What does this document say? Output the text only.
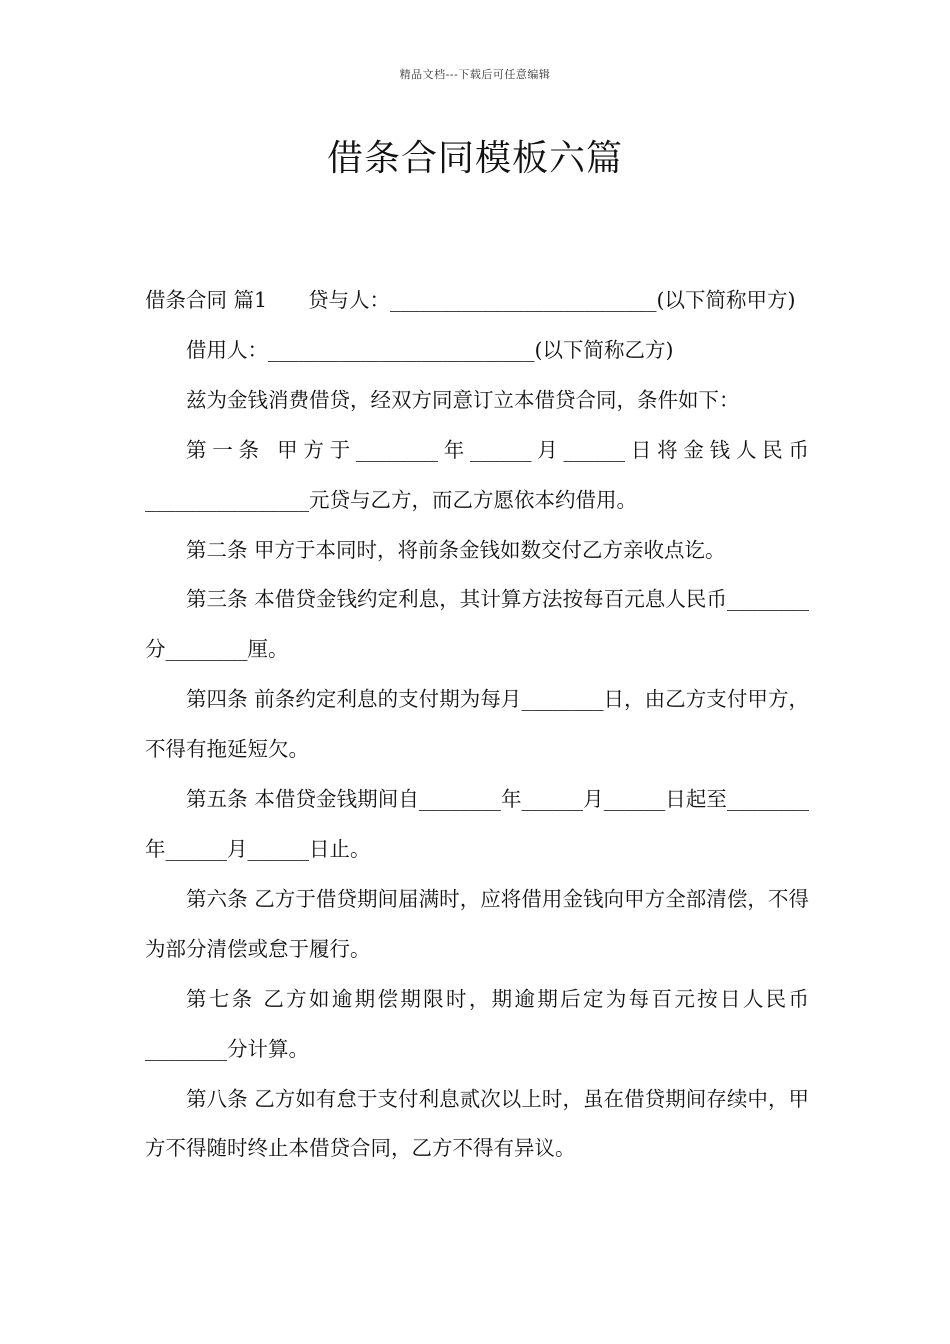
精品文档---下载后可任意编辑
借条合同模板六篇

借条合同 篇1　　贷与人：__________________________(以下简称甲方)

借用人：__________________________(以下简称乙方)

兹为金钱消费借贷，经双方同意订立本借贷合同，条件如下：

第一条 甲方于________年______月______日将金钱人民币________________元贷与乙方，而乙方愿依本约借用。

第二条 甲方于本同时，将前条金钱如数交付乙方亲收点讫。

第三条 本借贷金钱约定利息，其计算方法按每百元息人民币________分________厘。

第四条 前条约定利息的支付期为每月________日，由乙方支付甲方，不得有拖延短欠。

第五条 本借贷金钱期间自________年______月______日起至________年______月______日止。

第六条 乙方于借贷期间届满时，应将借用金钱向甲方全部清偿，不得为部分清偿或怠于履行。

第七条 乙方如逾期偿期限时，期逾期后定为每百元按日人民币________分计算。

第八条 乙方如有怠于支付利息贰次以上时，虽在借贷期间存续中，甲方不得随时终止本借贷合同，乙方不得有异议。
